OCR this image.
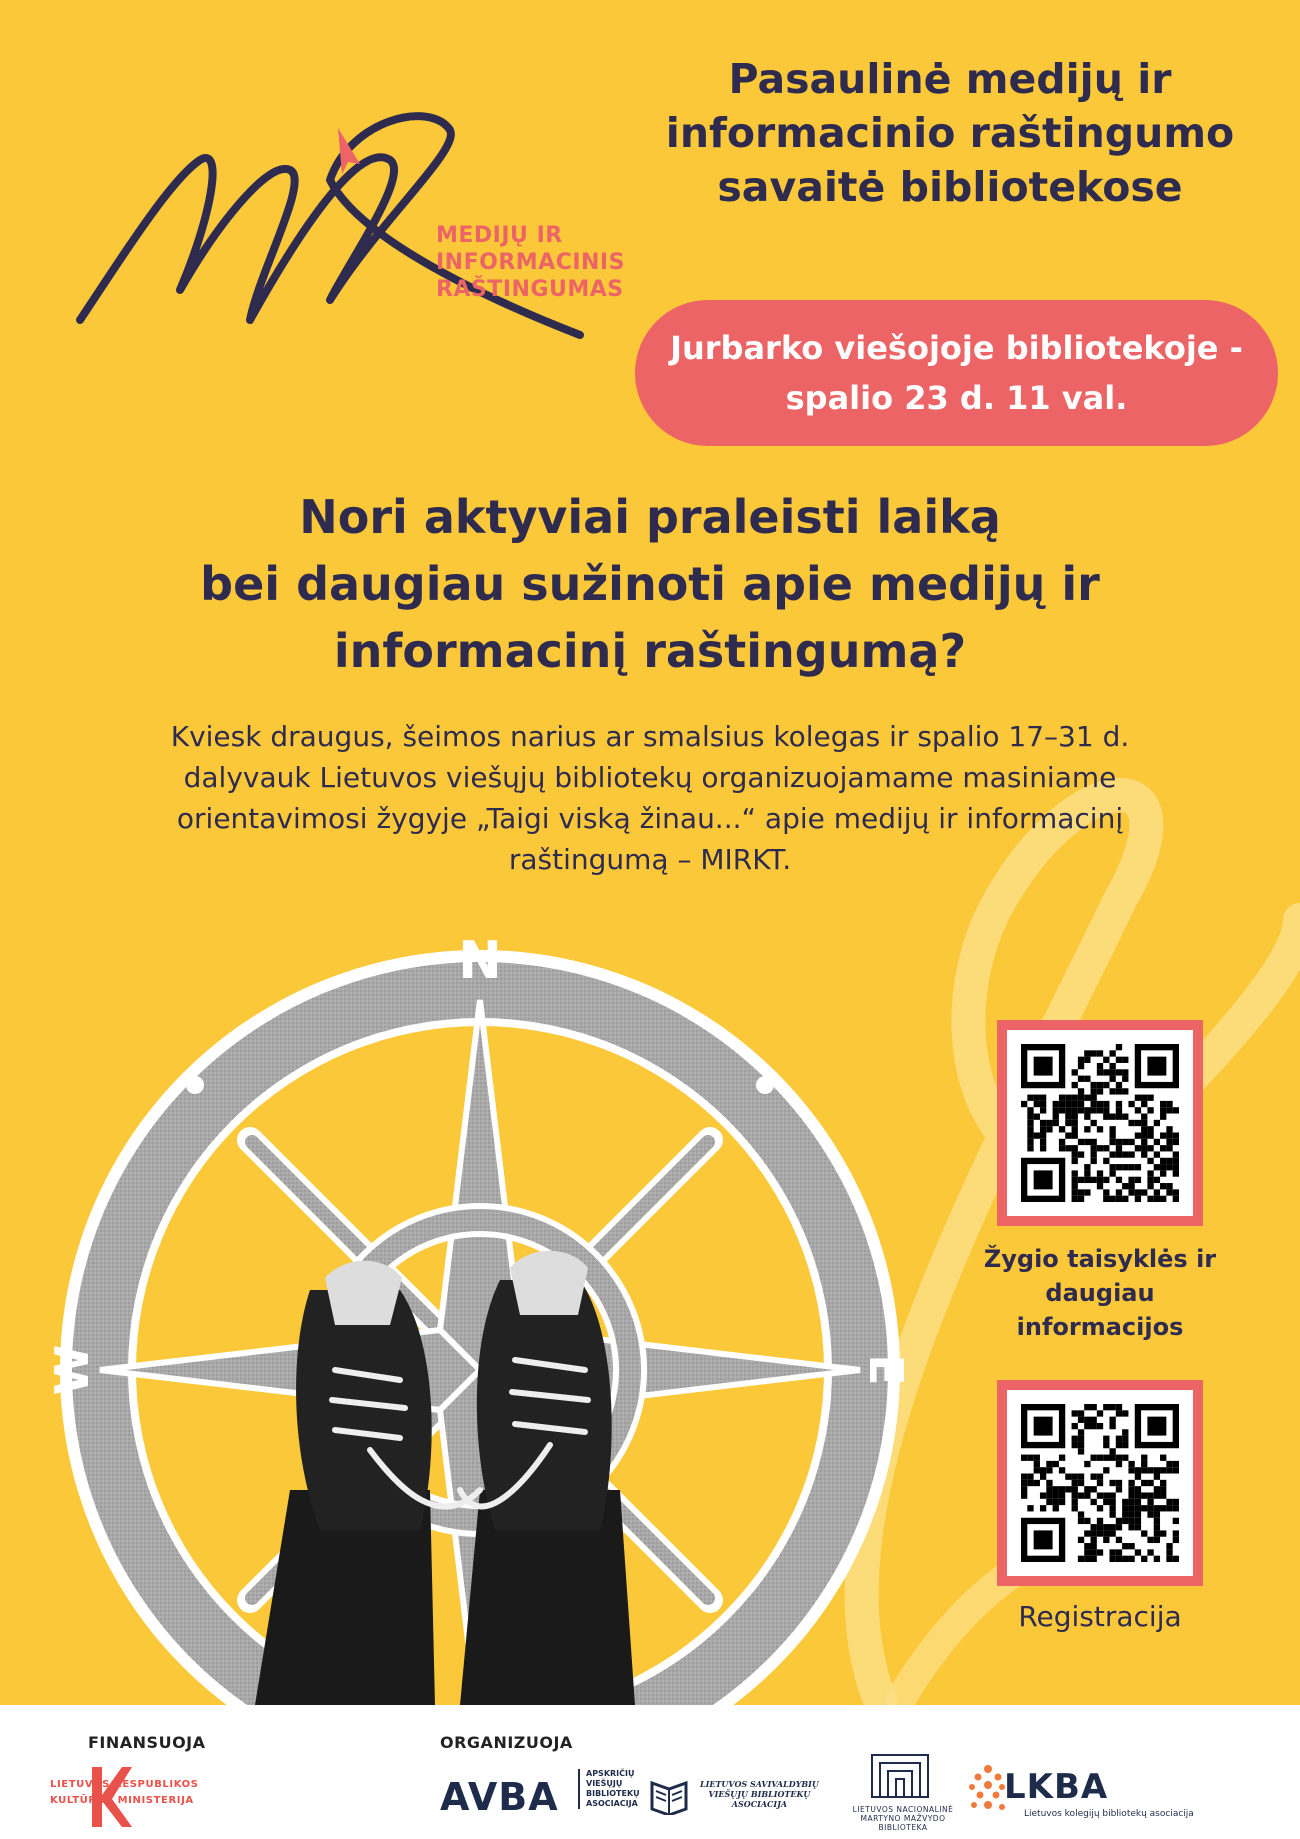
MEDIJŲ IR
INFORMACINIS
RAŠTINGUMAS
Pasaulinė medijų ir
informacinio raštingumo
savaitė bibliotekose
Jurbarko viešojoje bibliotekoje -
spalio 23 d. 11 val.
Nori aktyviai praleisti laiką
bei daugiau sužinoti apie medijų ir
informacinį raštingumą?
Kviesk draugus, šeimos narius ar smalsius kolegas ir spalio 17–31 d.
dalyvauk Lietuvos viešųjų bibliotekų organizuojamame masiniame
orientavimosi žygyje „Taigi viską žinau...“ apie medijų ir informacinį
raštingumą – MIRKT.
N
W	E
Žygio taisyklės ir
daugiau informacijos
Registracija
FINANSUOJA	ORGANIZUOJA
LIETUVOS RESPUBLIKOS
KULTŪROS MINISTERIJA	AVBA
APSKRIČIŲ
VIEŠŲJŲ
BIBLIOTEKŲ
ASOCIACIJA
LIETUVOS SAVIVALDYBIŲ
VIEŠŲJŲ BIBLIOTEKŲ
ASOCIACIJA
LIETUVOS NACIONALINĖ
MARTYNO MAŽVYDO
BIBLIOTEKA
LKBA
Lietuvos kolegijų bibliotekų asociacija
